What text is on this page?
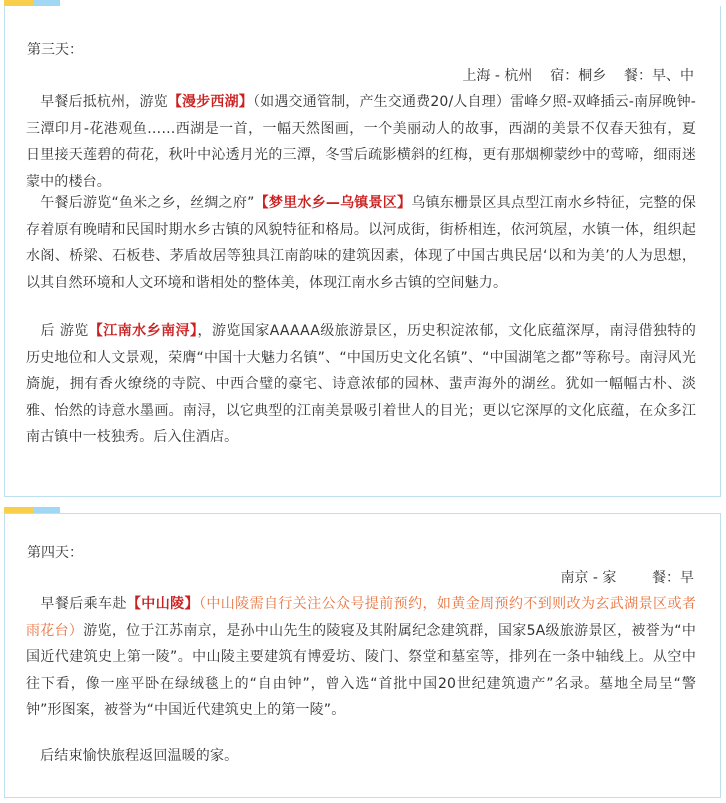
第三天：
上海 - 杭州    宿：桐乡    餐：早、中
 早餐后抵杭州，游览【漫步西湖】（如遇交通管制，产生交通费20/人自理）雷峰夕照-双峰插云-南屏晚钟-三潭印月-花港观鱼……西湖是一首，一幅天然图画，一个美丽动人的故事，西湖的美景不仅春天独有，夏日里接天莲碧的荷花，秋叶中沁透月光的三潭，冬雪后疏影横斜的红梅，更有那烟柳蒙纱中的莺啼，细雨迷蒙中的楼台。
 午餐后游览“鱼米之乡，丝绸之府”【梦里水乡—乌镇景区】乌镇东栅景区具点型江南水乡特征，完整的保存着原有晚晴和民国时期水乡古镇的风貌特征和格局。以河成街，街桥相连，依河筑屋，水镇一体，组织起水阁、桥梁、石板巷、茅盾故居等独具江南韵味的建筑因素，体现了中国古典民居‘以和为美’的人为思想，以其自然环境和人文环境和谐相处的整体美，体现江南水乡古镇的空间魅力。
 后 游览【江南水乡南浔】，游览国家AAAAA级旅游景区，历史积淀浓郁，文化底蕴深厚，南浔借独特的历史地位和人文景观，荣膺“中国十大魅力名镇”、“中国历史文化名镇”、“中国湖笔之都”等称号。南浔风光旖旎，拥有香火缭绕的寺院、中西合璧的豪宅、诗意浓郁的园林、蜚声海外的湖丝。犹如一幅幅古朴、淡雅、怡然的诗意水墨画。南浔，以它典型的江南美景吸引着世人的目光；更以它深厚的文化底蕴，在众多江南古镇中一枝独秀。后入住酒店。
第四天：
南京 - 家        餐：早
 早餐后乘车赴【中山陵】（中山陵需自行关注公众号提前预约，如黄金周预约不到则改为玄武湖景区或者雨花台）游览，位于江苏南京，是孙中山先生的陵寝及其附属纪念建筑群，国家5A级旅游景区，被誉为“中国近代建筑史上第一陵”。中山陵主要建筑有博爱坊、陵门、祭堂和墓室等，排列在一条中轴线上。从空中往下看，像一座平卧在绿绒毯上的“自由钟”，曾入选“首批中国20世纪建筑遗产”名录。墓地全局呈“警钟”形图案，被誉为“中国近代建筑史上的第一陵”。
 后结束愉快旅程返回温暖的家。
